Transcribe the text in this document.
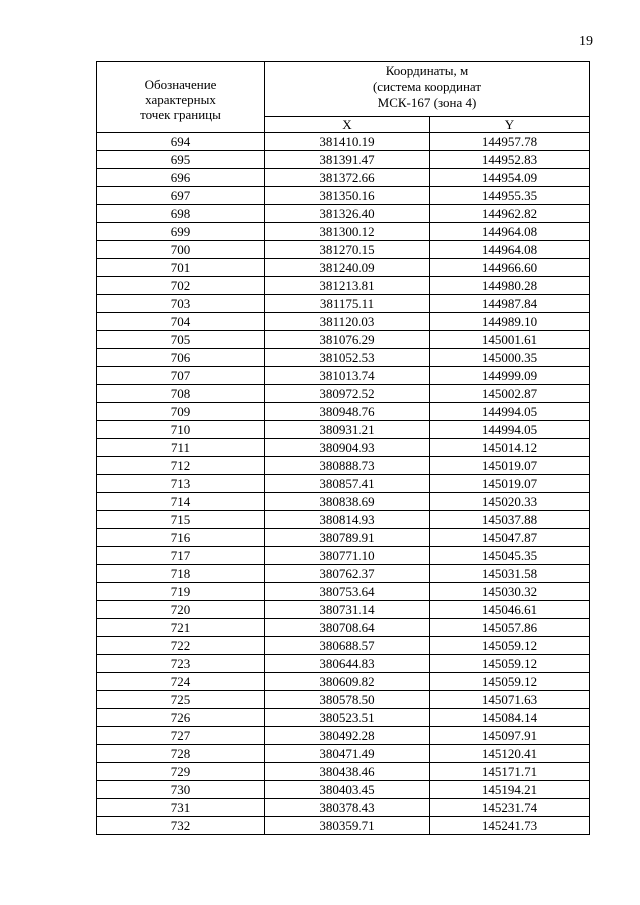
19
Обозначение
характерных
точек границы	Координаты, м
(система координат
МСК-167 (зона 4)	

	X	Y
694	381410.19	144957.78
695	381391.47	144952.83
696	381372.66	144954.09
697	381350.16	144955.35
698	381326.40	144962.82
699	381300.12	144964.08
700	381270.15	144964.08
701	381240.09	144966.60
702	381213.81	144980.28
703	381175.11	144987.84
704	381120.03	144989.10
705	381076.29	145001.61
706	381052.53	145000.35
707	381013.74	144999.09
708	380972.52	145002.87
709	380948.76	144994.05
710	380931.21	144994.05
711	380904.93	145014.12
712	380888.73	145019.07
713	380857.41	145019.07
714	380838.69	145020.33
715	380814.93	145037.88
716	380789.91	145047.87
717	380771.10	145045.35
718	380762.37	145031.58
719	380753.64	145030.32
720	380731.14	145046.61
721	380708.64	145057.86
722	380688.57	145059.12
723	380644.83	145059.12
724	380609.82	145059.12
725	380578.50	145071.63
726	380523.51	145084.14
727	380492.28	145097.91
728	380471.49	145120.41
729	380438.46	145171.71
730	380403.45	145194.21
731	380378.43	145231.74
732	380359.71	145241.73
